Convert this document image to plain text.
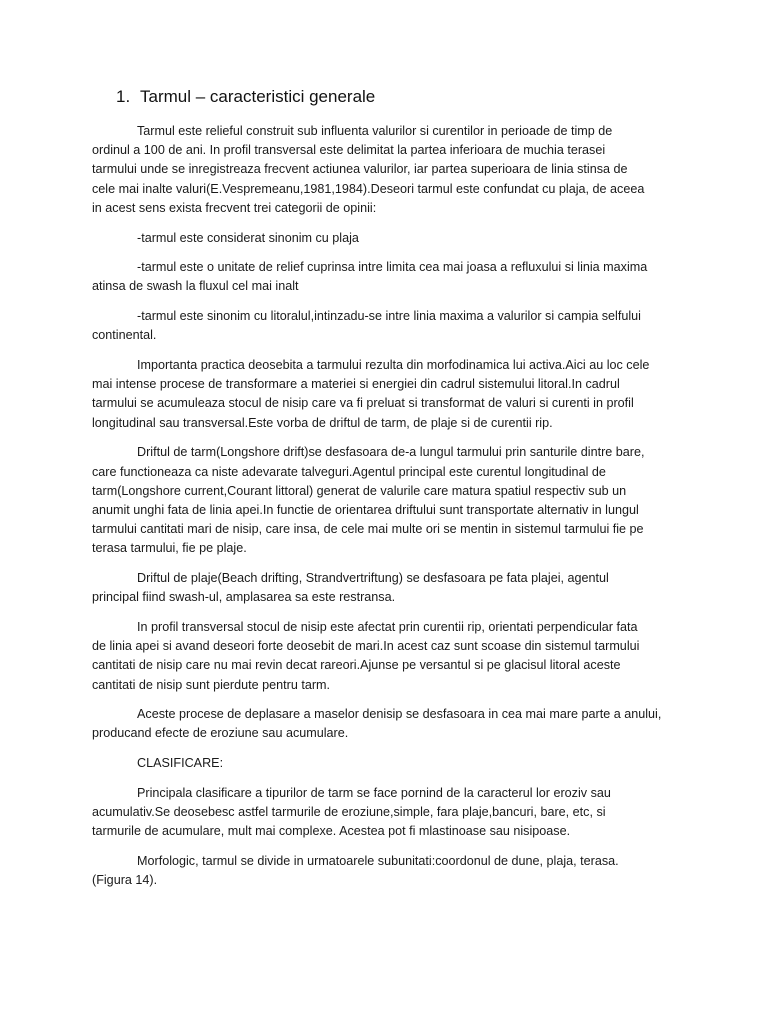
1. Tarmul – caracteristici generale
Tarmul este relieful construit sub influenta valurilor si curentilor in perioade de timp de
ordinul a 100 de ani. In profil transversal este delimitat la partea inferioara de muchia terasei
tarmului unde se inregistreaza frecvent actiunea valurilor, iar partea superioara de linia stinsa de
cele mai inalte valuri(E.Vespremeanu,1981,1984).Deseori tarmul este confundat cu plaja, de aceea
in acest sens exista frecvent trei categorii de opinii:
-tarmul este considerat sinonim cu plaja
-tarmul este o unitate de relief cuprinsa intre limita cea mai joasa a refluxului si linia maxima
atinsa de swash la fluxul cel mai inalt
-tarmul este sinonim cu litoralul,intinzadu-se intre linia maxima a valurilor si campia selfului
continental.
Importanta practica deosebita a tarmului rezulta din morfodinamica lui activa.Aici au loc cele
mai intense procese de transformare a materiei si energiei din cadrul sistemului litoral.In cadrul
tarmului se acumuleaza stocul de nisip care va fi preluat si transformat de valuri si curenti in profil
longitudinal sau transversal.Este vorba de driftul de tarm, de plaje si de curentii rip.
Driftul de tarm(Longshore drift)se desfasoara de-a lungul tarmului prin santurile dintre bare,
care functioneaza ca niste adevarate talveguri.Agentul principal este curentul longitudinal de
tarm(Longshore current,Courant littoral) generat de valurile care matura spatiul respectiv sub un
anumit unghi fata de linia apei.In functie de orientarea driftului sunt transportate alternativ in lungul
tarmului cantitati mari de nisip, care insa, de cele mai multe ori se mentin in sistemul tarmului fie pe
terasa tarmului, fie pe plaje.
Driftul de plaje(Beach drifting, Strandvertriftung) se desfasoara pe fata plajei, agentul
principal fiind swash-ul, amplasarea sa este restransa.
In profil transversal stocul de nisip este afectat prin curentii rip, orientati perpendicular fata
de linia apei si avand deseori forte deosebit de mari.In acest caz sunt scoase din sistemul tarmului
cantitati de nisip care nu mai revin decat rareori.Ajunse pe versantul si pe glacisul litoral aceste
cantitati de nisip sunt pierdute pentru tarm.
Aceste procese de deplasare a maselor denisip se desfasoara in cea mai mare parte a anului,
producand efecte de eroziune sau acumulare.
CLASIFICARE:
Principala clasificare a tipurilor de tarm se face pornind de la caracterul lor eroziv sau
acumulativ.Se deosebesc astfel tarmurile de eroziune,simple, fara plaje,bancuri, bare, etc, si
tarmurile de acumulare, mult mai complexe. Acestea pot fi mlastinoase sau nisipoase.
Morfologic, tarmul se divide in urmatoarele subunitati:coordonul de dune, plaja, terasa.
(Figura 14).
